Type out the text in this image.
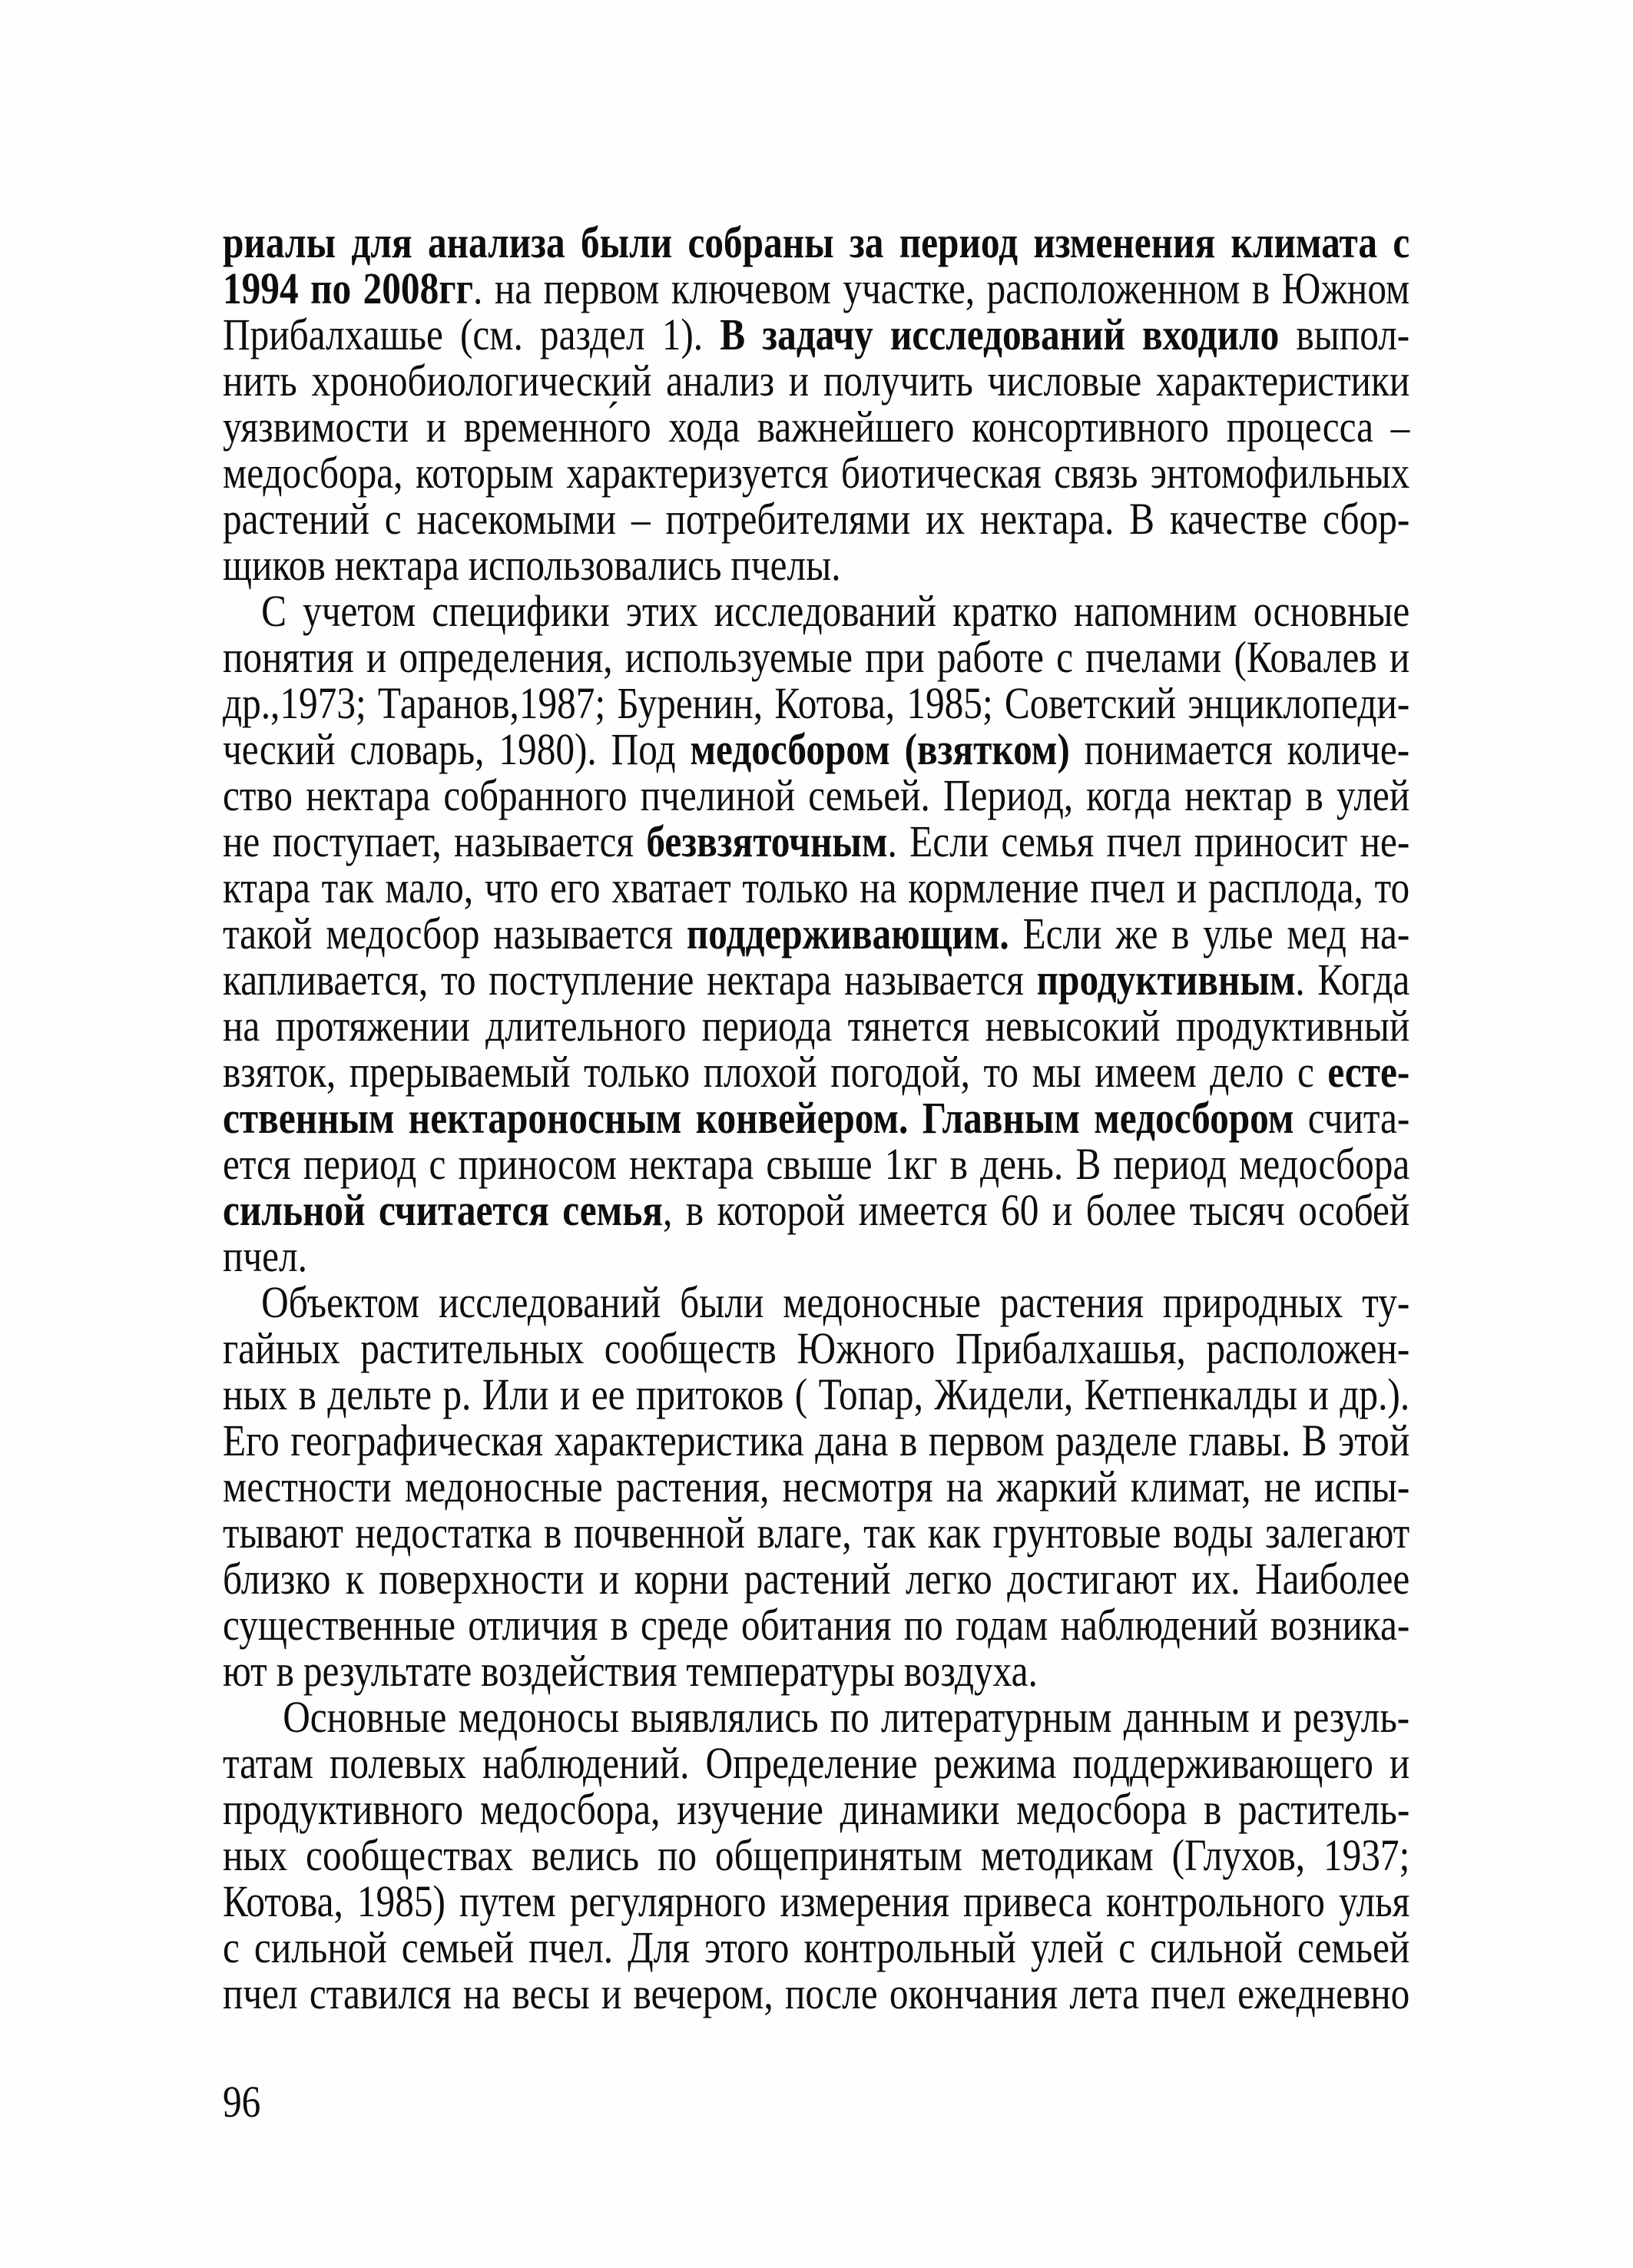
риалы для анализа были собраны за период изменения климата с
1994 по 2008гг. на первом ключевом участке, расположенном в Южном
Прибалхашье (см. раздел 1). В задачу исследований входило выпол-
нить хронобиологический анализ и получить числовые характеристики
уязвимости и временно́го хода важнейшего консортивного процесса –
медосбора, которым характеризуется биотическая связь энтомофильных
растений с насекомыми – потребителями их нектара. В качестве сбор-
щиков нектара использовались пчелы.
С учетом специфики этих исследований кратко напомним основные
понятия и определения, используемые при работе с пчелами (Ковалев и
др.,1973; Таранов,1987; Буренин, Котова, 1985; Советский энциклопеди-
ческий словарь, 1980). Под медосбором (взятком) понимается количе-
ство нектара собранного пчелиной семьей. Период, когда нектар в улей
не поступает, называется безвзяточным. Если семья пчел приносит не-
ктара так мало, что его хватает только на кормление пчел и расплода, то
такой медосбор называется поддерживающим. Если же в улье мед на-
капливается, то поступление нектара называется продуктивным. Когда
на протяжении длительного периода тянется невысокий продуктивный
взяток, прерываемый только плохой погодой, то мы имеем дело с есте-
ственным нектароносным конвейером. Главным медосбором счита-
ется период с приносом нектара свыше 1кг в день. В период медосбора
сильной считается семья, в которой имеется 60 и более тысяч особей
пчел.
Объектом исследований были медоносные растения природных ту-
гайных растительных сообществ Южного Прибалхашья, расположен-
ных в дельте р. Или и ее притоков ( Топар, Жидели, Кетпенкалды и др.).
Его географическая характеристика дана в первом разделе главы. В этой
местности медоносные растения, несмотря на жаркий климат, не испы-
тывают недостатка в почвенной влаге, так как грунтовые воды залегают
близко к поверхности и корни растений легко достигают их. Наиболее
существенные отличия в среде обитания по годам наблюдений возника-
ют в результате воздействия температуры воздуха.
Основные медоносы выявлялись по литературным данным и резуль-
татам полевых наблюдений. Определение режима поддерживающего и
продуктивного медосбора, изучение динамики медосбора в раститель-
ных сообществах велись по общепринятым методикам (Глухов, 1937;
Котова, 1985) путем регулярного измерения привеса контрольного улья
с сильной семьей пчел. Для этого контрольный улей с сильной семьей
пчел ставился на весы и вечером, после окончания лета пчел ежедневно
96
